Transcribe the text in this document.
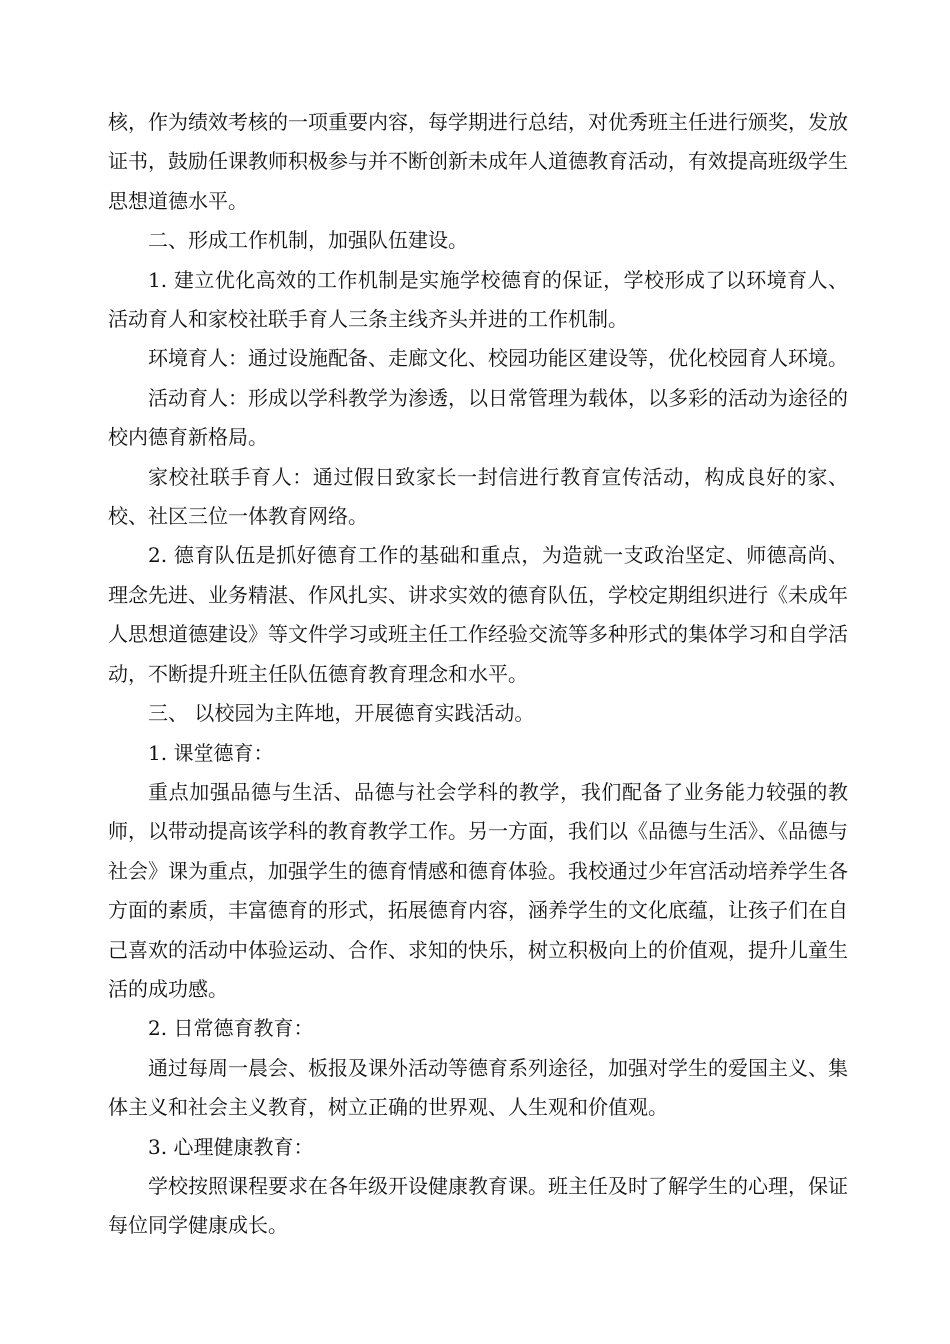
核，作为绩效考核的一项重要内容，每学期进行总结，对优秀班主任进行颁奖，发放证书，鼓励任课教师积极参与并不断创新未成年人道德教育活动，有效提高班级学生思想道德水平。

二、形成工作机制，加强队伍建设。

1. 建立优化高效的工作机制是实施学校德育的保证，学校形成了以环境育人、活动育人和家校社联手育人三条主线齐头并进的工作机制。

环境育人：通过设施配备、走廊文化、校园功能区建设等，优化校园育人环境。

活动育人：形成以学科教学为渗透，以日常管理为载体，以多彩的活动为途径的校内德育新格局。

家校社联手育人：通过假日致家长一封信进行教育宣传活动，构成良好的家、校、社区三位一体教育网络。

2. 德育队伍是抓好德育工作的基础和重点，为造就一支政治坚定、师德高尚、理念先进、业务精湛、作风扎实、讲求实效的德育队伍，学校定期组织进行《未成年人思想道德建设》等文件学习或班主任工作经验交流等多种形式的集体学习和自学活动，不断提升班主任队伍德育教育理念和水平。

三、 以校园为主阵地，开展德育实践活动。

1. 课堂德育：

重点加强品德与生活、品德与社会学科的教学，我们配备了业务能力较强的教师，以带动提高该学科的教育教学工作。另一方面，我们以《品德与生活》、《品德与社会》课为重点，加强学生的德育情感和德育体验。我校通过少年宫活动培养学生各方面的素质，丰富德育的形式，拓展德育内容，涵养学生的文化底蕴，让孩子们在自己喜欢的活动中体验运动、合作、求知的快乐，树立积极向上的价值观，提升儿童生活的成功感。

2. 日常德育教育：

通过每周一晨会、板报及课外活动等德育系列途径，加强对学生的爱国主义、集体主义和社会主义教育，树立正确的世界观、人生观和价值观。

3. 心理健康教育：

学校按照课程要求在各年级开设健康教育课。班主任及时了解学生的心理，保证每位同学健康成长。
